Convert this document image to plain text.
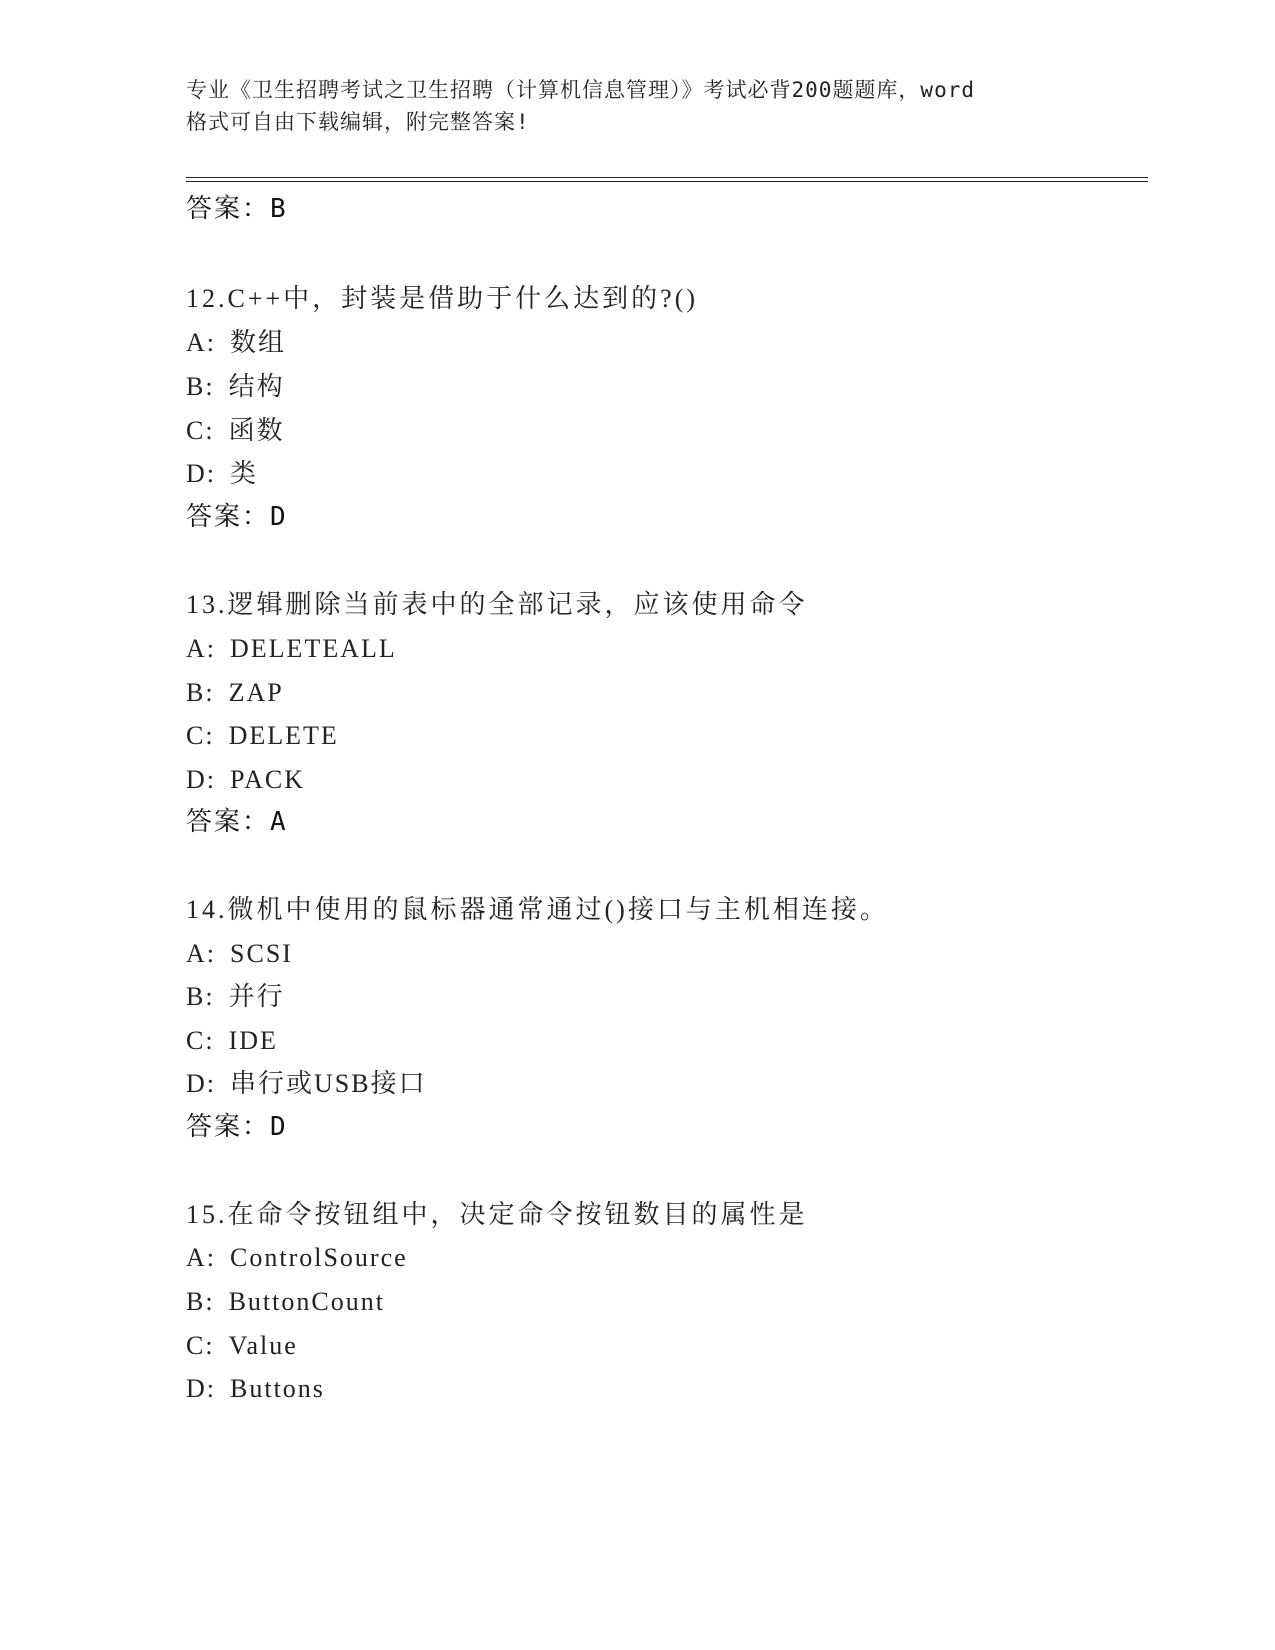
专业《卫生招聘考试之卫生招聘（计算机信息管理）》考试必背200题题库，word
格式可自由下载编辑，附完整答案!
答案：B
12.C++中，封装是借助于什么达到的?()
A: 数组
B: 结构
C: 函数
D: 类
答案：D
13.逻辑删除当前表中的全部记录，应该使用命令
A: DELETEALL
B: ZAP
C: DELETE
D: PACK
答案：A
14.微机中使用的鼠标器通常通过()接口与主机相连接。
A: SCSI
B: 并行
C: IDE
D: 串行或USB接口
答案：D
15.在命令按钮组中，决定命令按钮数目的属性是
A: ControlSource
B: ButtonCount
C: Value
D: Buttons
